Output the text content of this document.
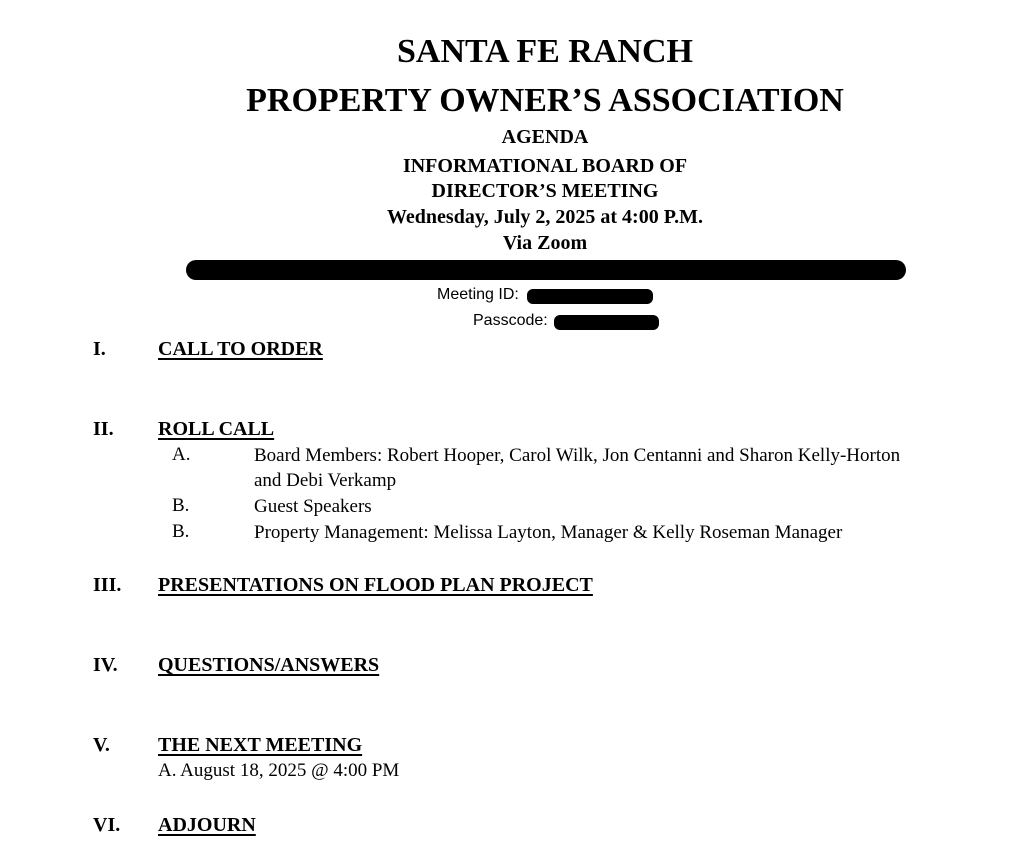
SANTA FE RANCH
PROPERTY OWNER’S ASSOCIATION
AGENDA
INFORMATIONAL BOARD OF
DIRECTOR’S MEETING
Wednesday, July 2, 2025 at 4:00 P.M.
Via Zoom
Meeting ID:
Passcode:
I.	CALL TO ORDER
II. ROLL CALL
A.	Board Members: Robert Hooper, Carol Wilk, Jon Centanni and Sharon Kelly-Horton
and Debi Verkamp
B.	Guest Speakers
B.	Property Management: Melissa Layton, Manager & Kelly Roseman Manager
III. PRESENTATIONS ON FLOOD PLAN PROJECT
IV. QUESTIONS/ANSWERS
V. THE NEXT MEETING
A. August 18, 2025 @ 4:00 PM
VI. ADJOURN
